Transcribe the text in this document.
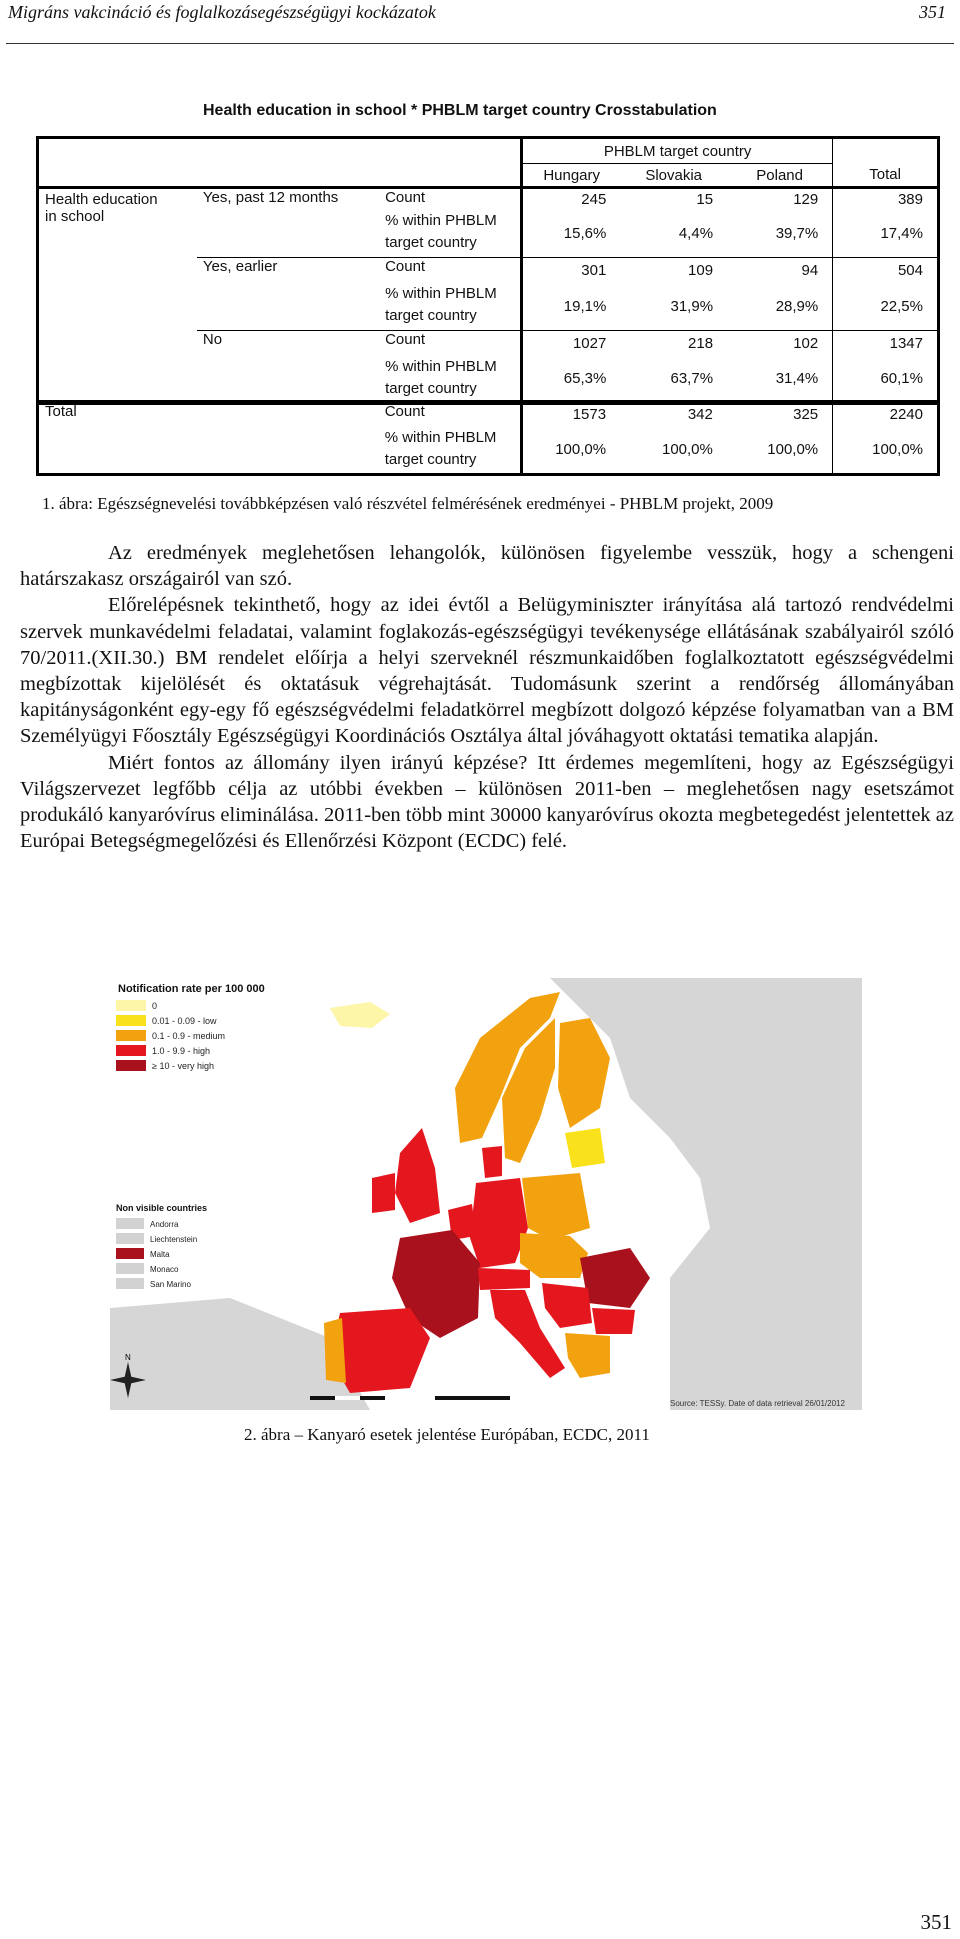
Migráns vakcináció és foglalkozásegészségügyi kockázatok	351
Health education in school * PHBLM target country Crosstabulation
			PHBLM target country			
			Hungary	Slovakia	Poland	Total
Health education
in school	Yes, past 12 months	Count	245	15	129	389
		% within PHBLM
target country	15,6%	4,4%	39,7%	17,4%
	Yes, earlier	Count	301	109	94	504
		% within PHBLM
target country	19,1%	31,9%	28,9%	22,5%
	No	Count	1027	218	102	1347
		% within PHBLM
target country	65,3%	63,7%	31,4%	60,1%
Total	Count	1573	342	325	2240
	% within PHBLM
target country	100,0%	100,0%	100,0%	100,0%
1. ábra: Egészségnevelési továbbképzésen való részvétel felmérésének eredményei - PHBLM projekt, 2009

Az eredmények meglehetősen lehangolók, különösen figyelembe vesszük, hogy a schengeni határszakasz országairól van szó.

Előrelépésnek tekinthető, hogy az idei évtől a Belügyminiszter irányítása alá tartozó rendvédelmi szervek munkavédelmi feladatai, valamint foglakozás-egészségügyi tevékenysége ellátásának szabályairól szóló 70/2011.(XII.30.) BM rendelet előírja a helyi szerveknél részmunkaidőben foglalkoztatott egészségvédelmi megbízottak kijelölését és oktatásuk végrehajtását. Tudomásunk szerint a rendőrség állományában kapitányságonként egy-egy fő egészségvédelmi feladatkörrel megbízott dolgozó képzése folyamatban van a BM Személyügyi Főosztály Egészségügyi Koordinációs Osztálya által jóváhagyott oktatási tematika alapján.

Miért fontos az állomány ilyen irányú képzése? Itt érdemes megemlíteni, hogy az Egészségügyi Világszervezet legfőbb célja az utóbbi években – különösen 2011-ben – meglehetősen nagy esetszámot produkáló kanyaróvírus eliminálása. 2011-ben több mint 30000 kanyaróvírus okozta megbetegedést jelentettek az Európai Betegségmegelőzési és Ellenőrzési Központ (ECDC) felé.

Notification rate per 100 000
0
0.01 - 0.09 - low
0.1 - 0.9 - medium
1.0 - 9.9 - high
≥ 10 - very high
Non visible countries
Andorra
Liechtenstein
Malta
Monaco
San Marino
N
Source: TESSy. Date of data retrieval 26/01/2012
2. ábra – Kanyaró esetek jelentése Európában, ECDC, 2011
351
